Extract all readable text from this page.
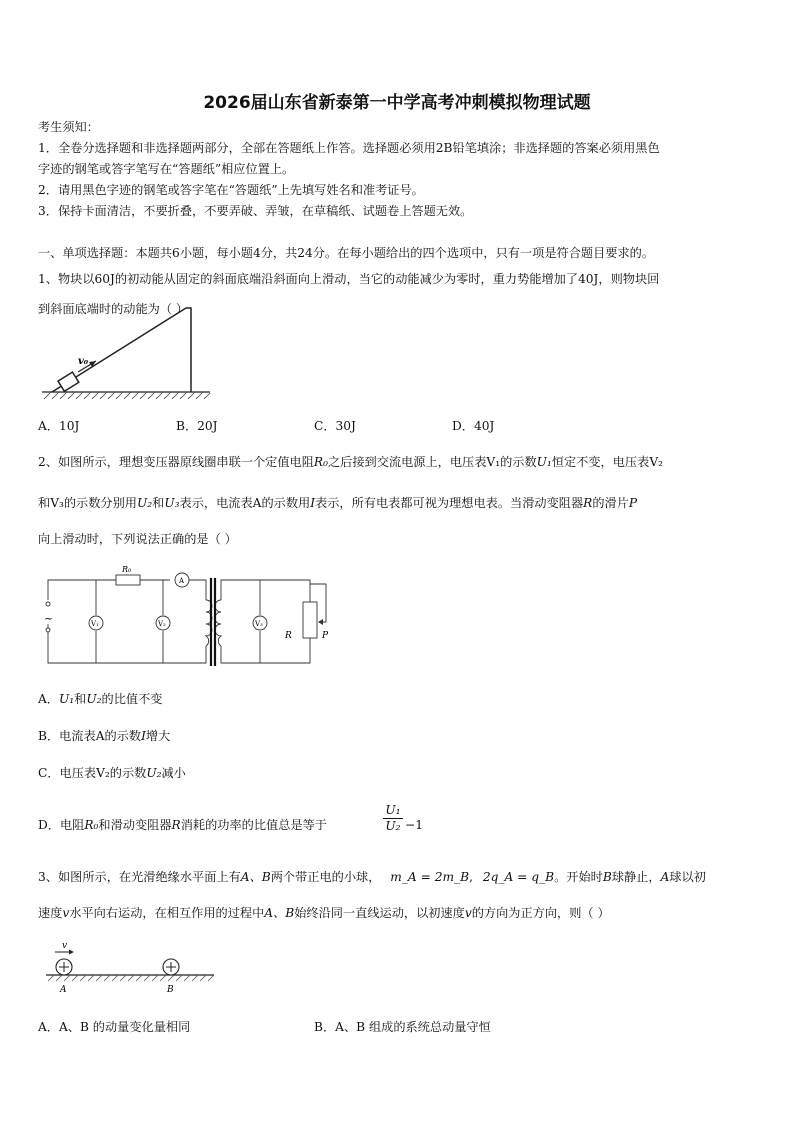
2026届山东省新泰第一中学高考冲刺模拟物理试题
考生须知：
1．全卷分选择题和非选择题两部分，全部在答题纸上作答。选择题必须用2B铅笔填涂；非选择题的答案必须用黑色
字迹的钢笔或答字笔写在“答题纸”相应位置上。
2．请用黑色字迹的钢笔或答字笔在“答题纸”上先填写姓名和准考证号。
3．保持卡面清洁，不要折叠，不要弄破、弄皱，在草稿纸、试题卷上答题无效。
一、单项选择题：本题共6小题，每小题4分，共24分。在每小题给出的四个选项中，只有一项是符合题目要求的。
1、物块以60J的初动能从固定的斜面底端沿斜面向上滑动，当它的动能减少为零时，重力势能增加了40J，则物块回
到斜面底端时的动能为（ ）
v₀
A．10J	B．20J	C．30J	D．40J
2、如图所示，理想变压器原线圈串联一个定值电阻R₀之后接到交流电源上，电压表V₁的示数U₁恒定不变，电压表V₂
和V₃的示数分别用U₂和U₃表示，电流表A的示数用I表示，所有电表都可视为理想电表。当滑动变阻器R的滑片P
向上滑动时，下列说法正确的是（ ）
~
R₀
A
V₁	V₂	V₃
R	P
A．U₁和U₂的比值不变
B．电流表A的示数I增大
C．电压表V₂的示数U₂减小
D．电阻R₀和滑动变阻器R消耗的功率的比值总是等于
U₁
U₂ −1
3、如图所示，在光滑绝缘水平面上有A、B两个带正电的小球， m_A = 2m_B, 2q_A = q_B。开始时B球静止，A球以初
速度v水平向右运动，在相互作用的过程中A、B始终沿同一直线运动，以初速度v的方向为正方向，则（ ）
v
A	B
A．A、B 的动量变化量相同	B．A、B 组成的系统总动量守恒
